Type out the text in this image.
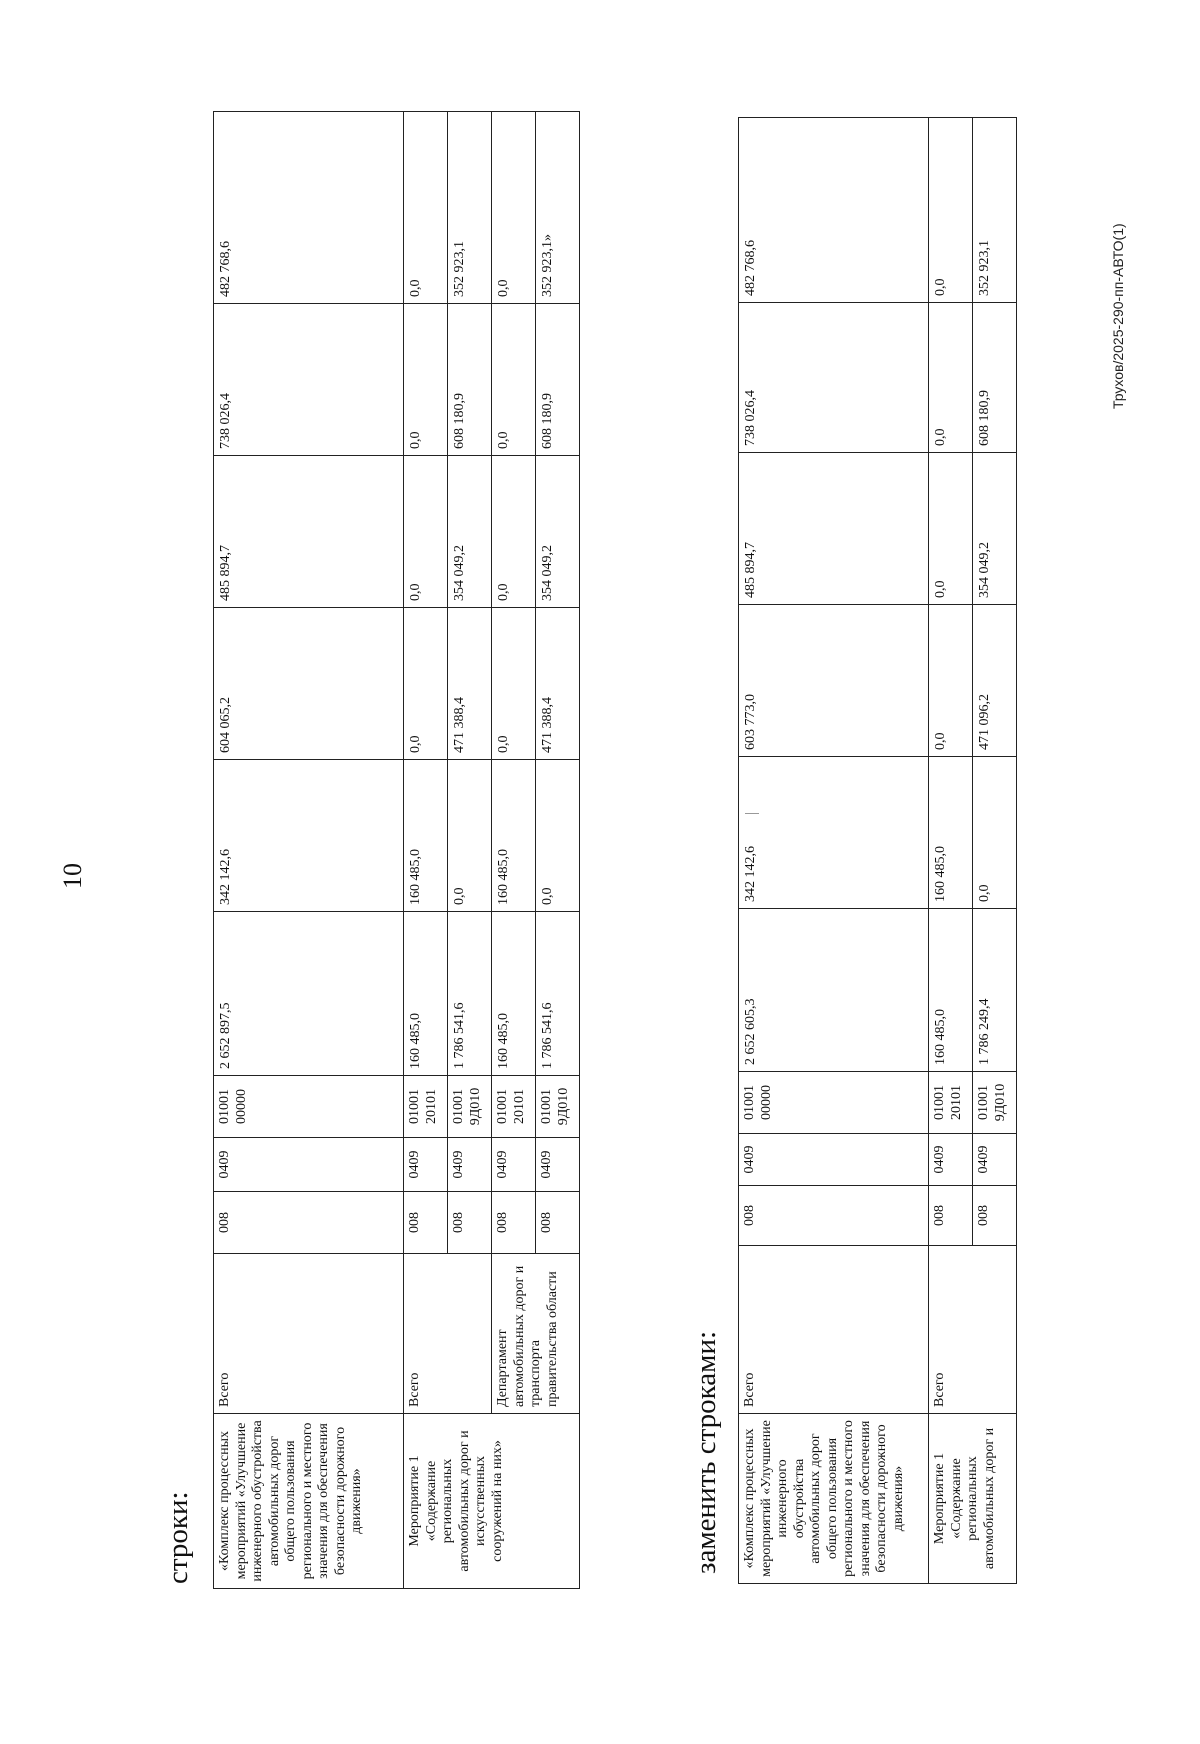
10
строки: «Комплекс процессных мероприятий «Улучшение инженерного обустройства автомобильных дорог общего пользования регионального и местного значения для обеспечения безопасности дорожного движения»	Всего	008	0409	01001 00000	2 652 897,5	342 142,6	604 065,2	485 894,7	738 026,4	482 768,6
Мероприятие 1 «Содержание региональных автомобильных дорог и искусственных сооружений на них»	Всего	008	0409	01001 20101	160 485,0	160 485,0	0,0	0,0	0,0	0,0
		008	0409	01001 9Д010	1 786 541,6	0,0	471 388,4	354 049,2	608 180,9	352 923,1
	Департамент автомобильных дорог и транспорта правительства области	008	0409	01001 20101	160 485,0	160 485,0	0,0	0,0	0,0	0,0
		008	0409	01001 9Д010	1 786 541,6	0,0	471 388,4	354 049,2	608 180,9	352 923,1»
заменить строками: «Комплекс процессных мероприятий «Улучшение инженерного обустройства автомобильных дорог общего пользования регионального и местного значения для обеспечения безопасности дорожного движения»	Всего	008	0409	01001 00000	2 652 605,3	342 142,6	603 773,0	485 894,7	738 026,4	482 768,6
Мероприятие 1 «Содержание региональных автомобильных дорог и	Всего	008	0409	01001 20101	160 485,0	160 485,0	0,0	0,0	0,0	0,0
		008	0409	01001 9Д010	1 786 249,4	0,0	471 096,2	354 049,2	608 180,9	352 923,1	Трухов/2025-290-пп-АВТО(1)
